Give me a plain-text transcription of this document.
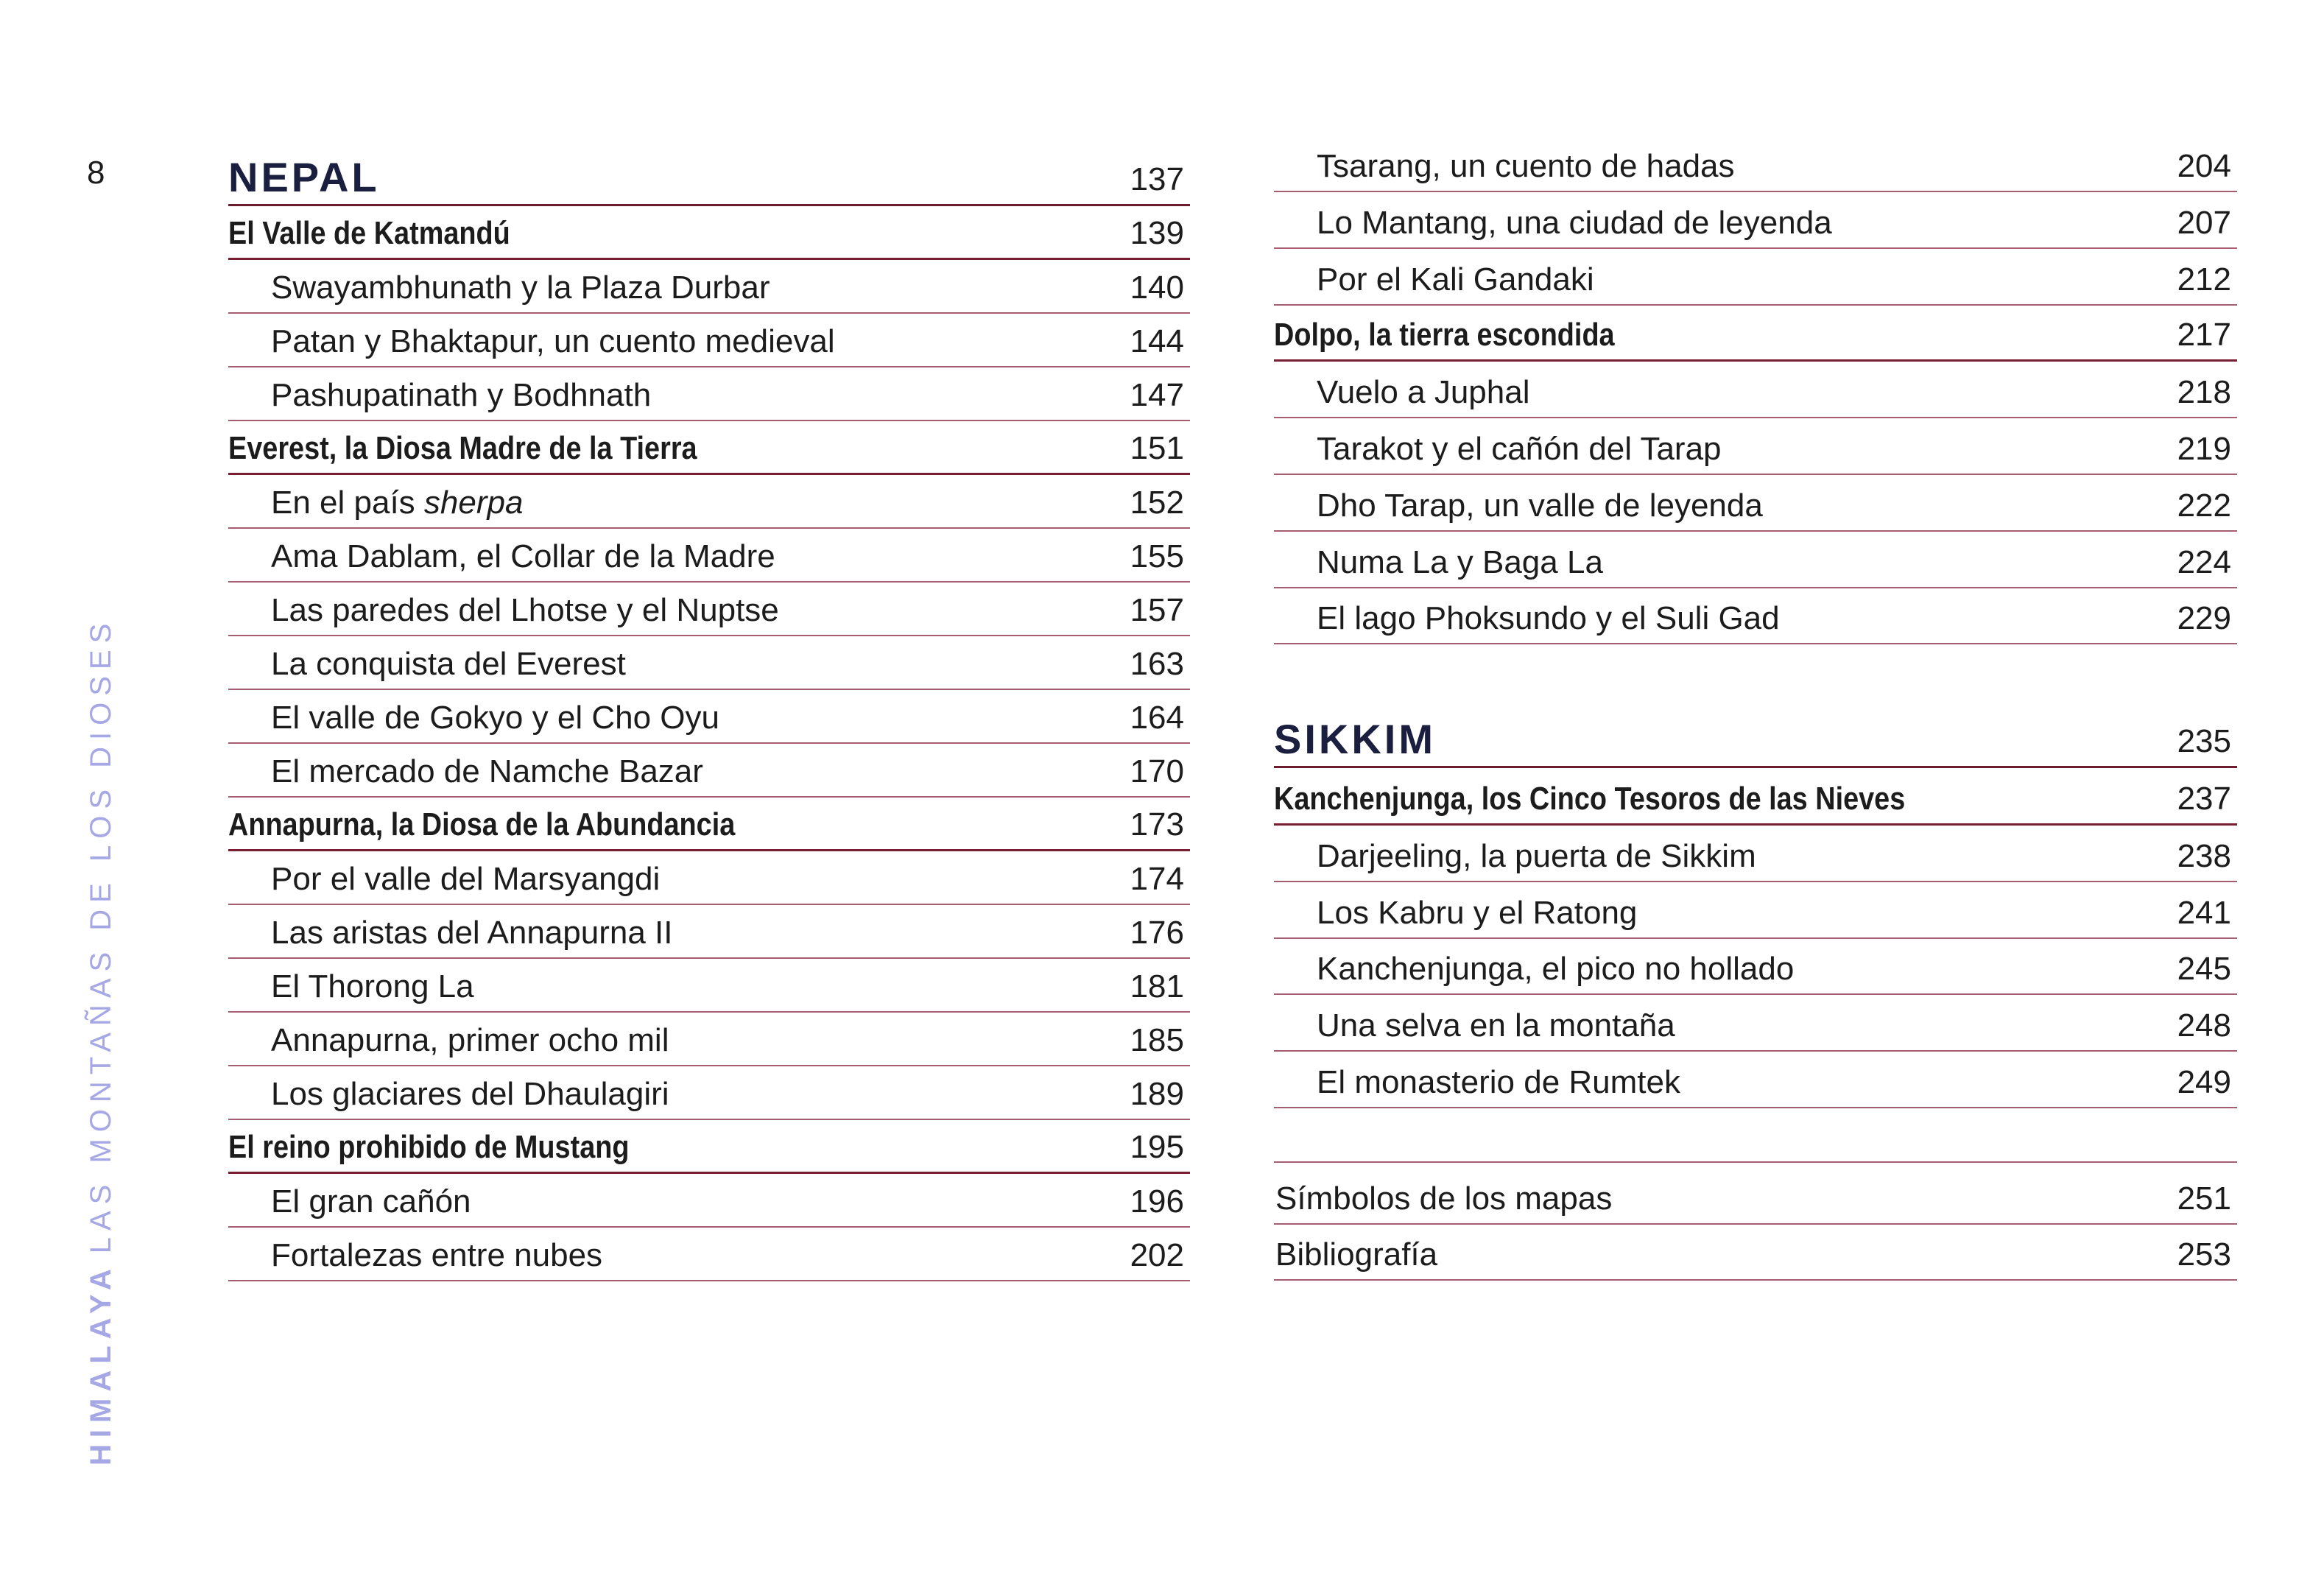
8
HIMALAYALAS MONTAÑAS DE LOS DIOSES
NEPAL	137
El Valle de Katmandú	139
Swayambhunath y la Plaza Durbar	140
Patan y Bhaktapur, un cuento medieval	144
Pashupatinath y Bodhnath	147
Everest, la Diosa Madre de la Tierra	151
En el país sherpa	152
Ama Dablam, el Collar de la Madre	155
Las paredes del Lhotse y el Nuptse	157
La conquista del Everest	163
El valle de Gokyo y el Cho Oyu	164
El mercado de Namche Bazar	170
Annapurna, la Diosa de la Abundancia	173
Por el valle del Marsyangdi	174
Las aristas del Annapurna II	176
El Thorong La	181
Annapurna, primer ocho mil	185
Los glaciares del Dhaulagiri	189
El reino prohibido de Mustang	195
El gran cañón	196
Fortalezas entre nubes	202
Tsarang, un cuento de hadas	204
Lo Mantang, una ciudad de leyenda	207
Por el Kali Gandaki	212
Dolpo, la tierra escondida	217
Vuelo a Juphal	218
Tarakot y el cañón del Tarap	219
Dho Tarap, un valle de leyenda	222
Numa La y Baga La	224
El lago Phoksundo y el Suli Gad	229
SIKKIM	235
Kanchenjunga, los Cinco Tesoros de las Nieves	237
Darjeeling, la puerta de Sikkim	238
Los Kabru y el Ratong	241
Kanchenjunga, el pico no hollado	245
Una selva en la montaña	248
El monasterio de Rumtek	249
Símbolos de los mapas	251
Bibliografía	253
